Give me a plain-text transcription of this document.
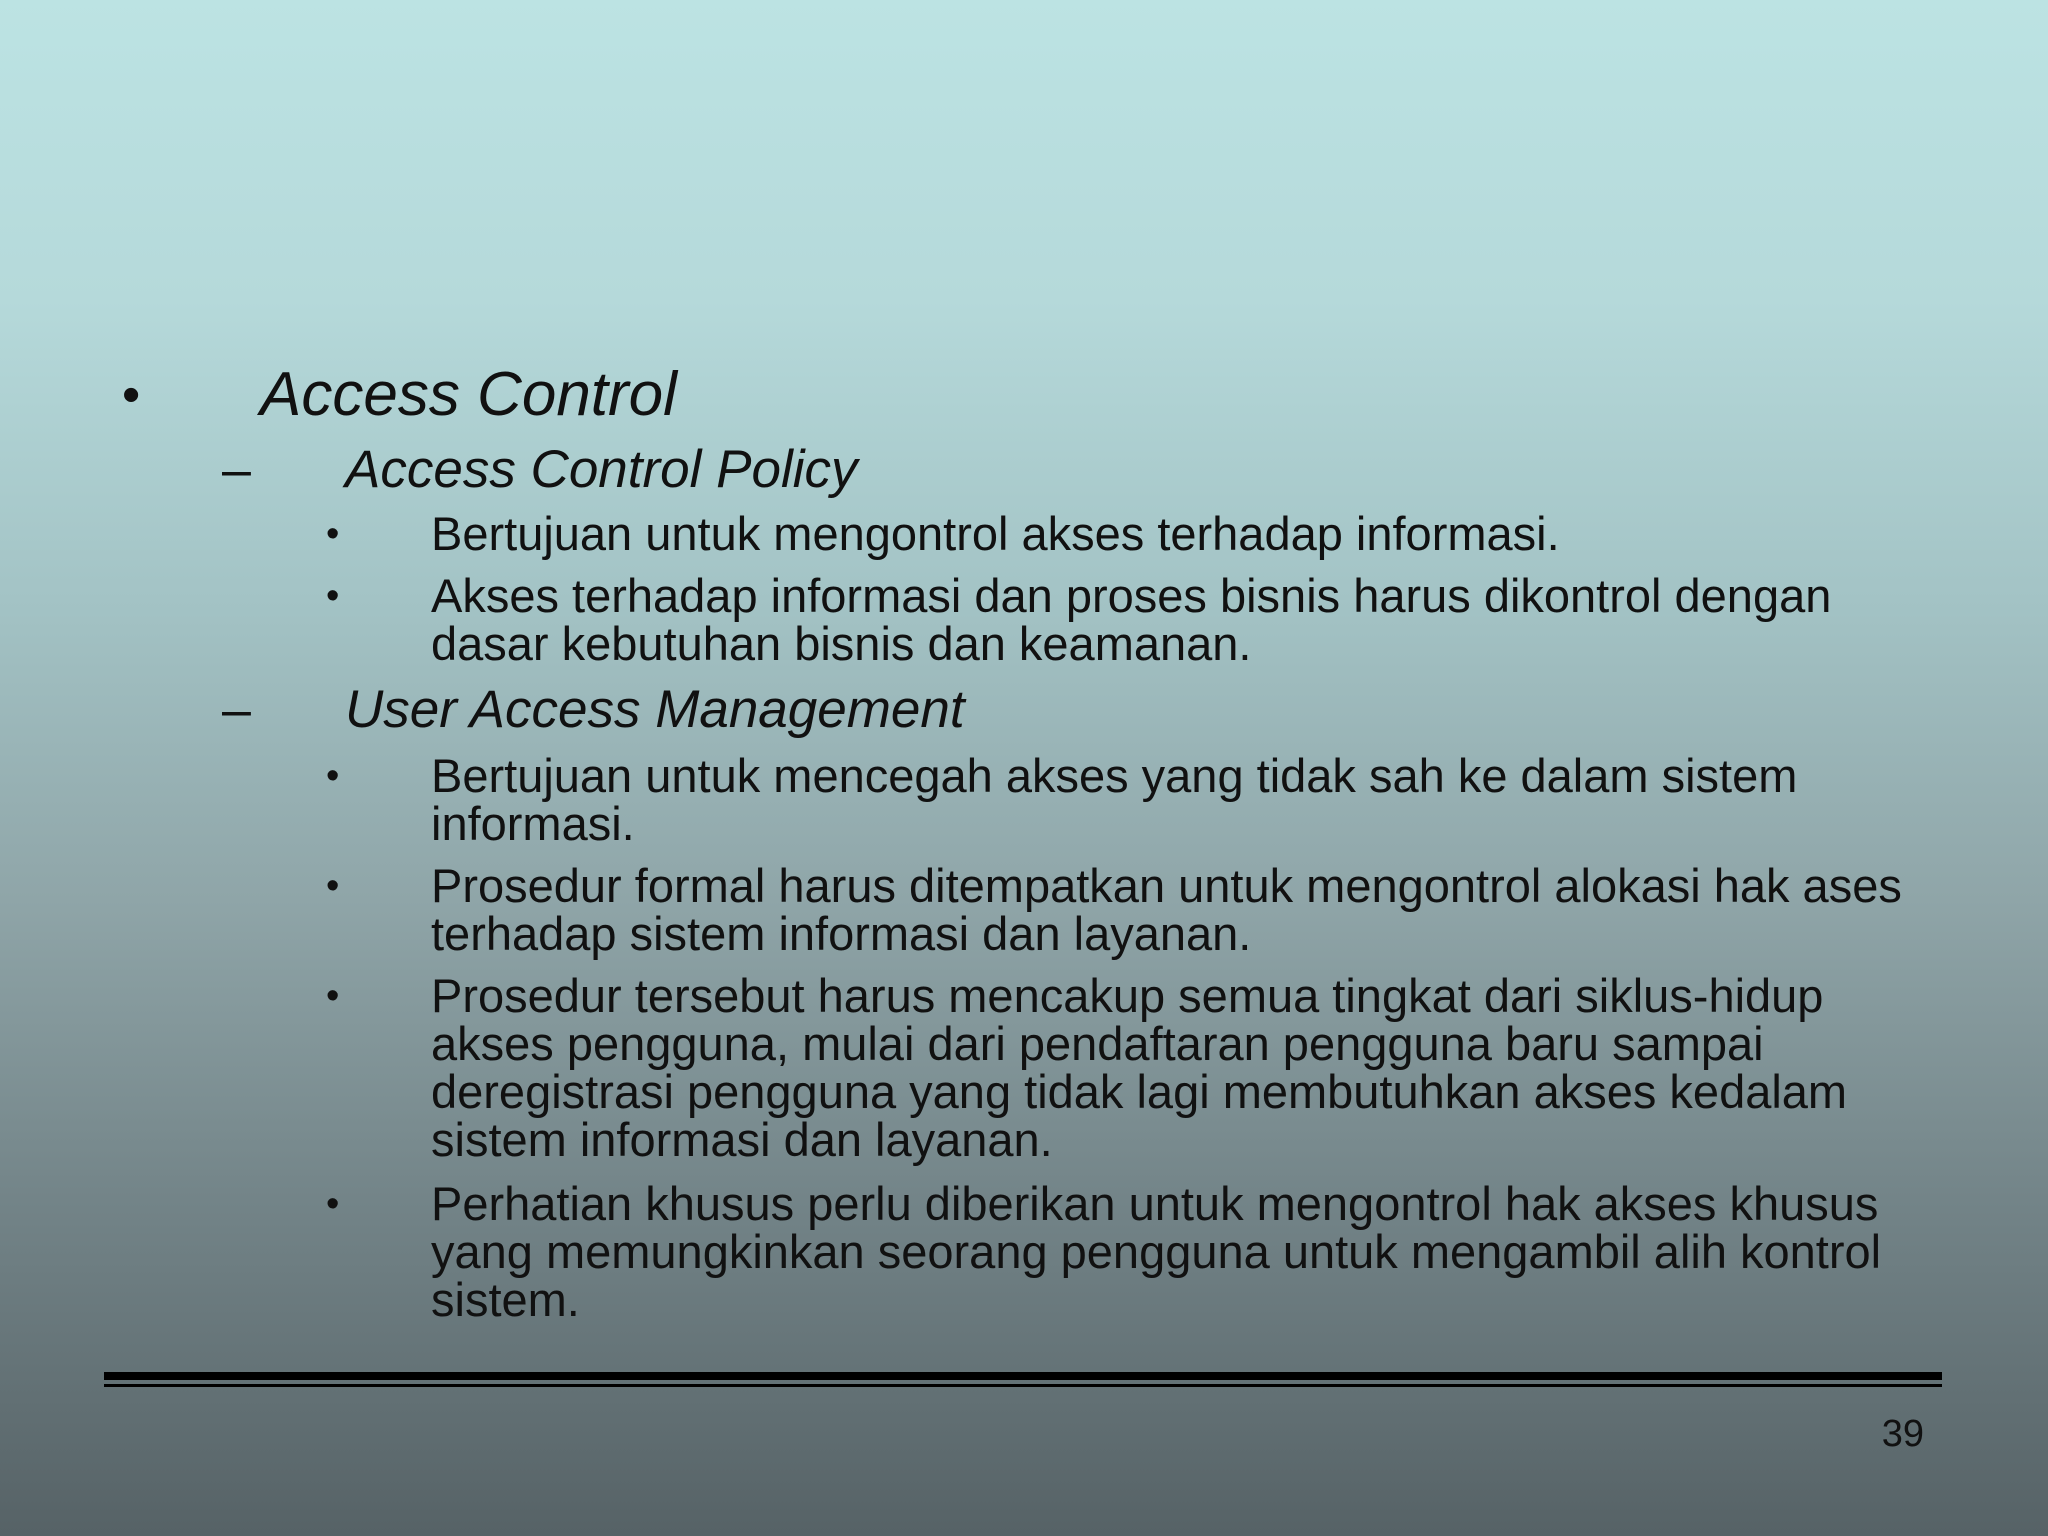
• Access Control
– Access Control Policy
• Bertujuan untuk mengontrol akses terhadap informasi.
• Akses terhadap informasi dan proses bisnis harus dikontrol dengan dasar kebutuhan bisnis dan keamanan.
– User Access Management
• Bertujuan untuk mencegah akses yang tidak sah ke dalam sistem informasi.
• Prosedur formal harus ditempatkan untuk mengontrol alokasi hak ases terhadap sistem informasi dan layanan.
• Prosedur tersebut harus mencakup semua tingkat dari siklus-hidup akses pengguna, mulai dari pendaftaran pengguna baru sampai deregistrasi pengguna yang tidak lagi membutuhkan akses kedalam sistem informasi dan layanan.
• Perhatian khusus perlu diberikan untuk mengontrol hak akses khusus yang memungkinkan seorang pengguna untuk mengambil alih kontrol sistem.
39
